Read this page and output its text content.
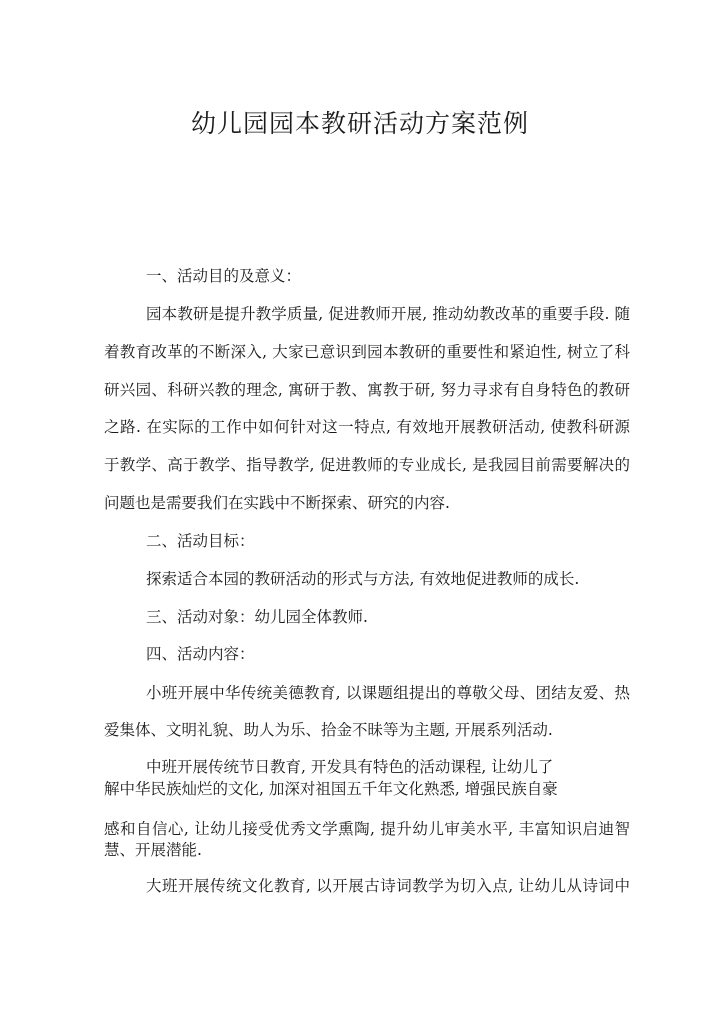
幼儿园园本教研活动方案范例
一、活动目的及意义：
园本教研是提升教学质量, 促进教师开展, 推动幼教改革的重要手段. 随
着教育改革的不断深入, 大家已意识到园本教研的重要性和紧迫性, 树立了科
研兴园、科研兴教的理念, 寓研于教、寓教于研, 努力寻求有自身特色的教研
之路. 在实际的工作中如何针对这一特点, 有效地开展教研活动, 使教科研源
于教学、高于教学、指导教学, 促进教师的专业成长, 是我园目前需要解决的
问题也是需要我们在实践中不断探索、研究的内容.
二、活动目标：
探索适合本园的教研活动的形式与方法, 有效地促进教师的成长.
三、活动对象：幼儿园全体教师.
四、活动内容：
小班开展中华传统美德教育, 以课题组提出的尊敬父母、团结友爱、热
爱集体、文明礼貌、助人为乐、拾金不昧等为主题, 开展系列活动.
中班开展传统节日教育, 开发具有特色的活动课程, 让幼儿了
解中华民族灿烂的文化, 加深对祖国五千年文化熟悉, 增强民族自豪
感和自信心, 让幼儿接受优秀文学熏陶, 提升幼儿审美水平, 丰富知识启迪智
慧、开展潜能.
大班开展传统文化教育, 以开展古诗词教学为切入点, 让幼儿从诗词中
